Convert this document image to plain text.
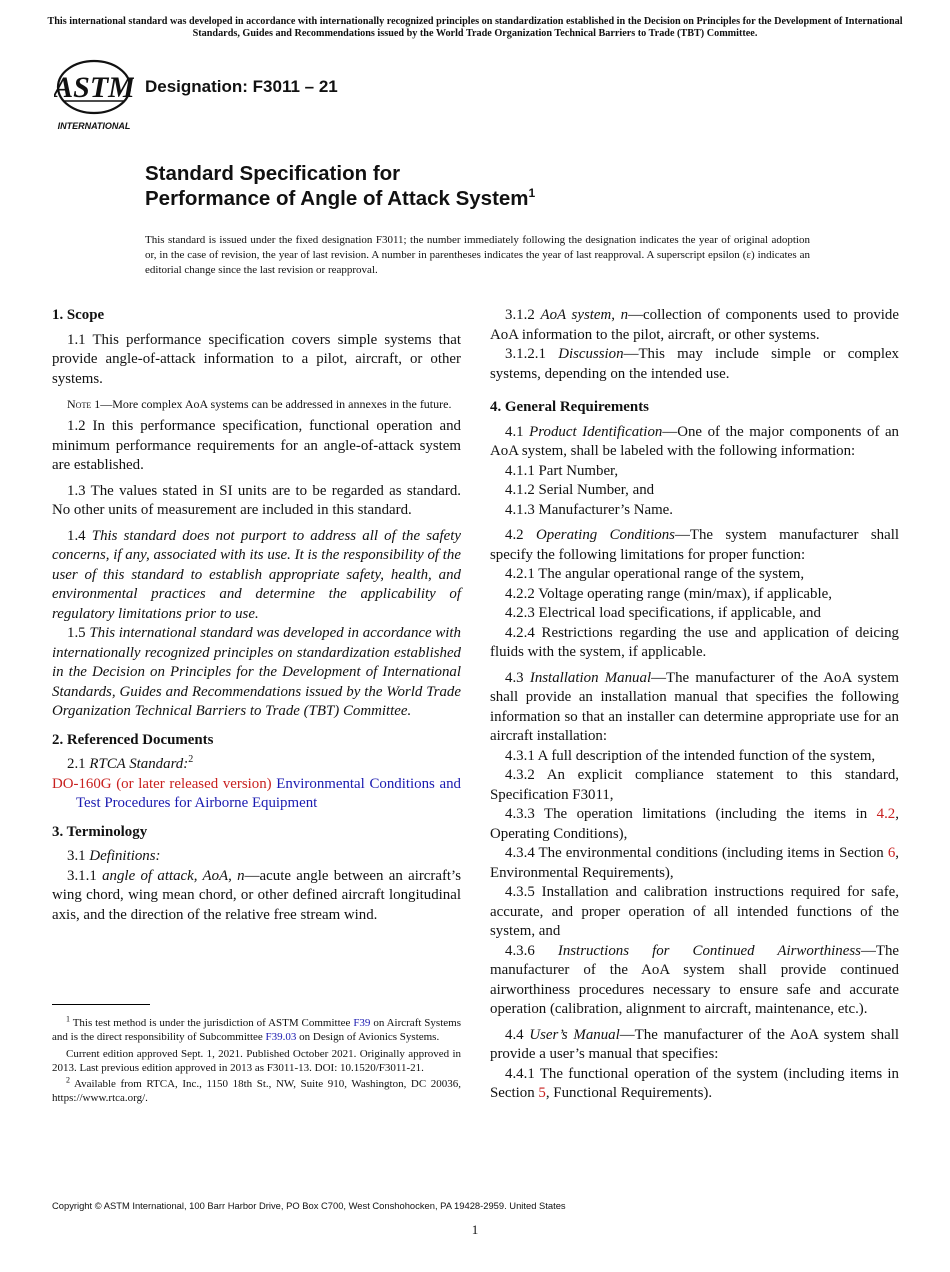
This international standard was developed in accordance with internationally recognized principles on standardization established in the Decision on Principles for the Development of International Standards, Guides and Recommendations issued by the World Trade Organization Technical Barriers to Trade (TBT) Committee.
ASTM
INTERNATIONAL
Designation: F3011 – 21
Standard Specification for
Performance of Angle of Attack System$^1$
This standard is issued under the fixed designation F3011; the number immediately following the designation indicates the year of original adoption or, in the case of revision, the year of last revision. A number in parentheses indicates the year of last reapproval. A superscript epsilon (ε) indicates an editorial change since the last revision or reapproval.
1. Scope

1.1 This performance specification covers simple systems that provide angle-of-attack information to a pilot, aircraft, or other systems.

Note 1—More complex AoA systems can be addressed in annexes in the future.

1.2 In this performance specification, functional operation and minimum performance requirements for an angle-of-attack system are established.

1.3 The values stated in SI units are to be regarded as standard. No other units of measurement are included in this standard.

1.4 This standard does not purport to address all of the safety concerns, if any, associated with its use. It is the responsibility of the user of this standard to establish appropriate safety, health, and environmental practices and determine the applicability of regulatory limitations prior to use.

1.5 This international standard was developed in accordance with internationally recognized principles on standardization established in the Decision on Principles for the Development of International Standards, Guides and Recommendations issued by the World Trade Organization Technical Barriers to Trade (TBT) Committee.

2. Referenced Documents

2.1 RTCA Standard:$^2$

DO-160G (or later released version) Environmental Conditions and Test Procedures for Airborne Equipment

3. Terminology

3.1 Definitions:

3.1.1 angle of attack, AoA, n—acute angle between an aircraft’s wing chord, wing mean chord, or other defined aircraft longitudinal axis, and the direction of the relative free stream wind.

$^1$ This test method is under the jurisdiction of ASTM Committee F39 on Aircraft Systems and is the direct responsibility of Subcommittee F39.03 on Design of Avionics Systems.

Current edition approved Sept. 1, 2021. Published October 2021. Originally approved in 2013. Last previous edition approved in 2013 as F3011-13. DOI: 10.1520/F3011-21.

$^2$ Available from RTCA, Inc., 1150 18th St., NW, Suite 910, Washington, DC 20036, https://www.rtca.org/.

3.1.2 AoA system, n—collection of components used to provide AoA information to the pilot, aircraft, or other systems.

3.1.2.1 Discussion—This may include simple or complex systems, depending on the intended use.

4. General Requirements

4.1 Product Identification—One of the major components of an AoA system, shall be labeled with the following information:

4.1.1 Part Number,

4.1.2 Serial Number, and

4.1.3 Manufacturer’s Name.

4.2 Operating Conditions—The system manufacturer shall specify the following limitations for proper function:

4.2.1 The angular operational range of the system,

4.2.2 Voltage operating range (min/max), if applicable,

4.2.3 Electrical load specifications, if applicable, and

4.2.4 Restrictions regarding the use and application of deicing fluids with the system, if applicable.

4.3 Installation Manual—The manufacturer of the AoA system shall provide an installation manual that specifies the following information so that an installer can determine appropriate use for an aircraft installation:

4.3.1 A full description of the intended function of the system,

4.3.2 An explicit compliance statement to this standard, Specification F3011,

4.3.3 The operation limitations (including the items in 4.2, Operating Conditions),

4.3.4 The environmental conditions (including items in Section 6, Environmental Requirements),

4.3.5 Installation and calibration instructions required for safe, accurate, and proper operation of all intended functions of the system, and

4.3.6 Instructions for Continued Airworthiness—The manufacturer of the AoA system shall provide continued airworthiness procedures necessary to ensure safe and accurate operation (calibration, alignment to aircraft, maintenance, etc.).

4.4 User’s Manual—The manufacturer of the AoA system shall provide a user’s manual that specifies:

4.4.1 The functional operation of the system (including items in Section 5, Functional Requirements).

Copyright © ASTM International, 100 Barr Harbor Drive, PO Box C700, West Conshohocken, PA 19428-2959. United States
1
